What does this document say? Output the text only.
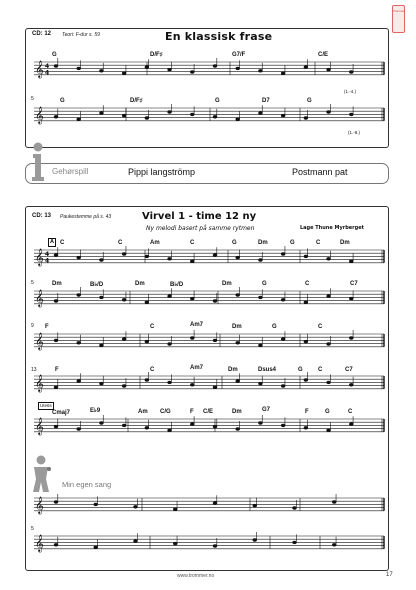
Trommer
CD: 12 Teori: F-dur s. 59	En klassisk frase
G	D/F♯	G7/F	C/E
(1.-4.)
5	G	D/F♯	G	D7	G
(1.-8.)
Gehørspill	Pippi langströmp	Postmann pat
CD: 13 Paukestemme på s. 43	Virvel 1 - time 12 ny
Ny melodi basert på samme rytmen	Lage Thune Myrberget
A	C	C	Am	C	G	Dm	G	C	Dm
5	Dm	B♭/D	Dm	B♭/D	Dm	G	C	C7
9 F	C	Am7	Dm	G	C
13	F	C	Am7	Dm	Dsus4	G	C	C7
Ute6s
Cmaj7	E♭9	Am C/G	F C/E	Dm	G7	F	G	C
Min egen sang
5
www.trommer.no	17
𝄞 4
4
𝄞
𝄞 4
4
𝄞
𝄞
𝄞
𝄞
𝄞
𝄞
